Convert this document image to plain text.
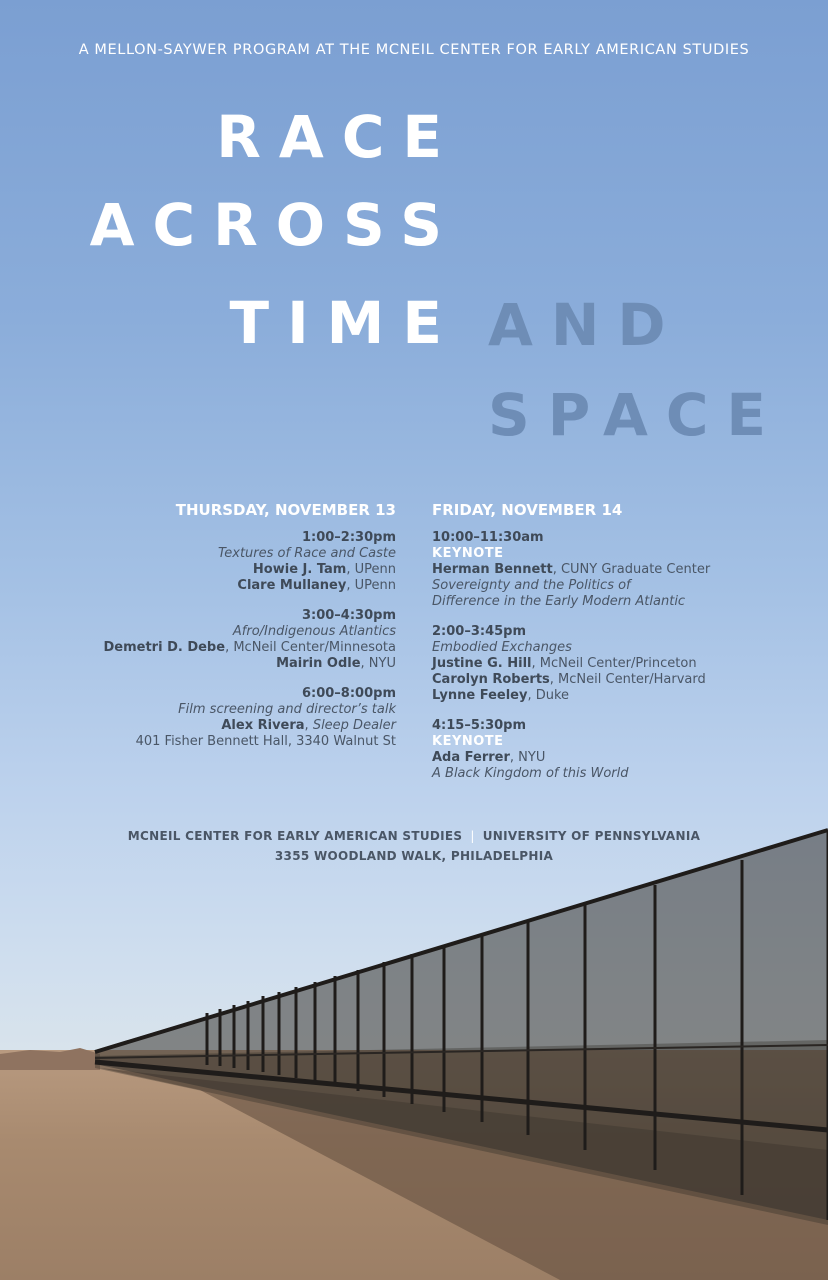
A MELLON-SAYWER PROGRAM AT THE MCNEIL CENTER FOR EARLY AMERICAN STUDIES
RACE
ACROSS
TIME AND
SPACE
THURSDAY, NOVEMBER 13
1:00–2:30pm
Textures of Race and Caste
Howie J. Tam, UPenn
Clare Mullaney, UPenn
3:00–4:30pm
Afro/Indigenous Atlantics
Demetri D. Debe, McNeil Center/Minnesota
Mairin Odle, NYU
6:00–8:00pm
Film screening and director’s talk
Alex Rivera, Sleep Dealer
401 Fisher Bennett Hall, 3340 Walnut St
FRIDAY, NOVEMBER 14
10:00–11:30am
KEYNOTE
Herman Bennett, CUNY Graduate Center
Sovereignty and the Politics of
Difference in the Early Modern Atlantic
2:00–3:45pm
Embodied Exchanges
Justine G. Hill, McNeil Center/Princeton
Carolyn Roberts, McNeil Center/Harvard
Lynne Feeley, Duke
4:15–5:30pm
KEYNOTE
Ada Ferrer, NYU
A Black Kingdom of this World
MCNEIL CENTER FOR EARLY AMERICAN STUDIES | UNIVERSITY OF PENNSYLVANIA
3355 WOODLAND WALK, PHILADELPHIA
